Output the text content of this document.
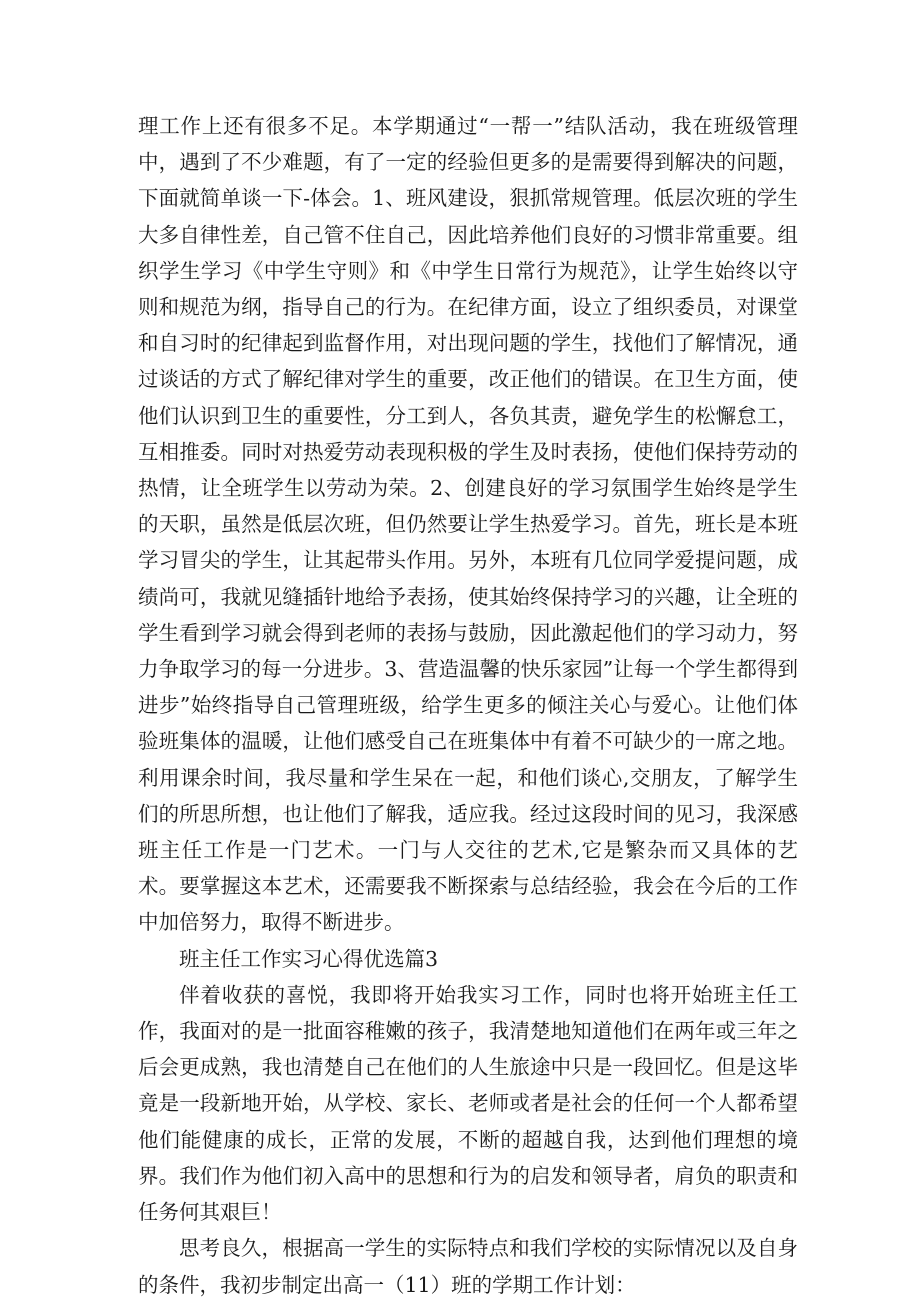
理工作上还有很多不足。本学期通过“一帮一”结队活动，我在班级管理中，遇到了不少难题，有了一定的经验但更多的是需要得到解决的问题，下面就简单谈一下-体会。1、班风建设，狠抓常规管理。低层次班的学生大多自律性差，自己管不住自己，因此培养他们良好的习惯非常重要。组织学生学习《中学生守则》和《中学生日常行为规范》，让学生始终以守则和规范为纲，指导自己的行为。在纪律方面，设立了组织委员，对课堂和自习时的纪律起到监督作用，对出现问题的学生，找他们了解情况，通过谈话的方式了解纪律对学生的重要，改正他们的错误。在卫生方面，使他们认识到卫生的重要性，分工到人，各负其责，避免学生的松懈怠工，互相推委。同时对热爱劳动表现积极的学生及时表扬，使他们保持劳动的热情，让全班学生以劳动为荣。2、创建良好的学习氛围学生始终是学生的天职，虽然是低层次班，但仍然要让学生热爱学习。首先，班长是本班学习冒尖的学生，让其起带头作用。另外，本班有几位同学爱提问题，成绩尚可，我就见缝插针地给予表扬，使其始终保持学习的兴趣，让全班的学生看到学习就会得到老师的表扬与鼓励，因此激起他们的学习动力，努力争取学习的每一分进步。3、营造温馨的快乐家园”让每一个学生都得到进步”始终指导自己管理班级，给学生更多的倾注关心与爱心。让他们体验班集体的温暖，让他们感受自己在班集体中有着不可缺少的一席之地。利用课余时间，我尽量和学生呆在一起，和他们谈心,交朋友，了解学生们的所思所想，也让他们了解我，适应我。经过这段时间的见习，我深感班主任工作是一门艺术。一门与人交往的艺术,它是繁杂而又具体的艺术。要掌握这本艺术，还需要我不断探索与总结经验，我会在今后的工作中加倍努力，取得不断进步。

班主任工作实习心得优选篇3

伴着收获的喜悦，我即将开始我实习工作，同时也将开始班主任工作，我面对的是一批面容稚嫩的孩子，我清楚地知道他们在两年或三年之后会更成熟，我也清楚自己在他们的人生旅途中只是一段回忆。但是这毕竟是一段新地开始，从学校、家长、老师或者是社会的任何一个人都希望他们能健康的成长，正常的发展，不断的超越自我，达到他们理想的境界。我们作为他们初入高中的思想和行为的启发和领导者，肩负的职责和任务何其艰巨！

思考良久，根据高一学生的实际特点和我们学校的实际情况以及自身的条件，我初步制定出高一（11）班的学期工作计划：
